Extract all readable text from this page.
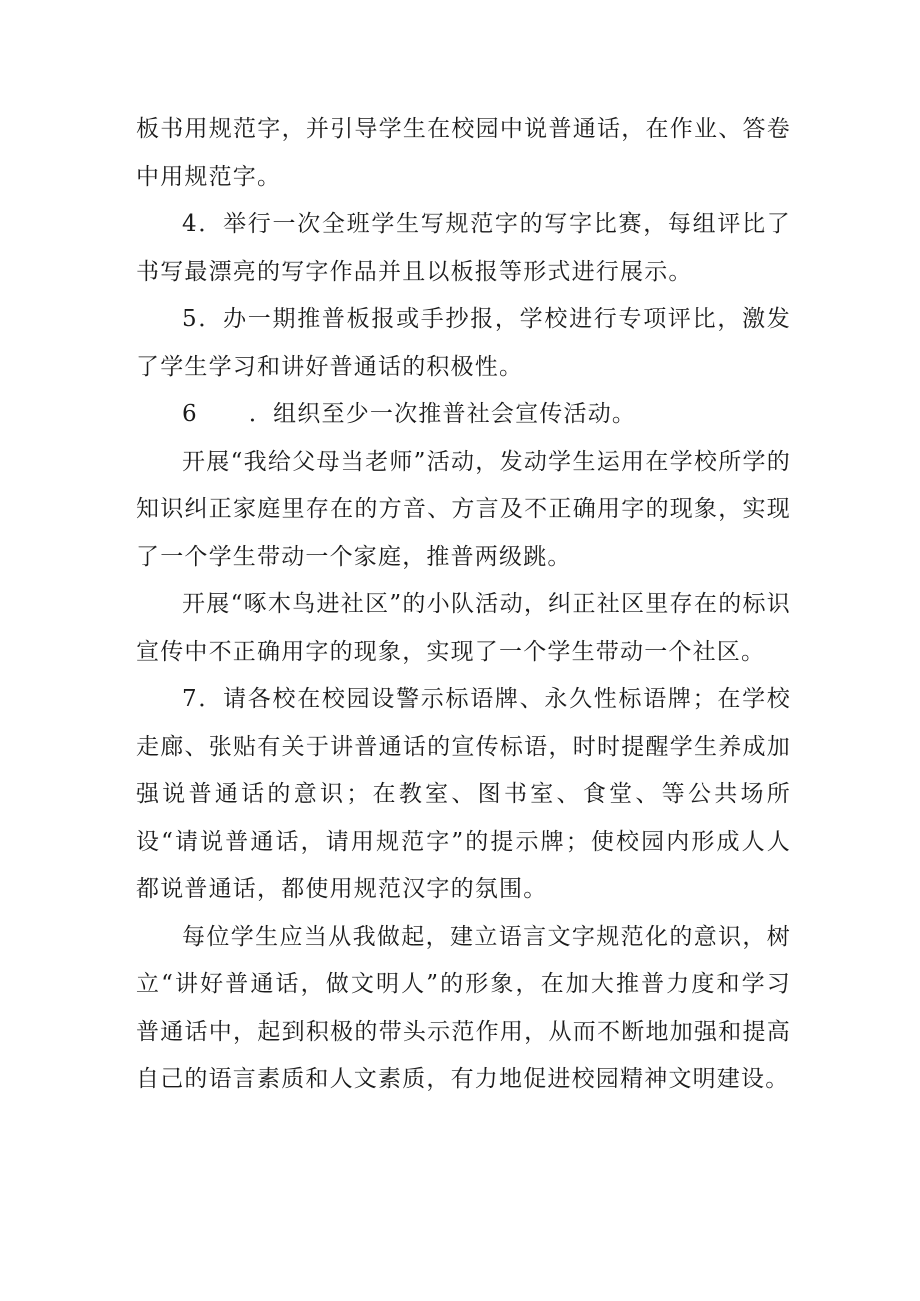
板书用规范字，并引导学生在校园中说普通话，在作业、答卷中用规范字。

4．举行一次全班学生写规范字的写字比赛，每组评比了书写最漂亮的写字作品并且以板报等形式进行展示。

5．办一期推普板报或手抄报，学校进行专项评比，激发了学生学习和讲好普通话的积极性。

6      ．组织至少一次推普社会宣传活动。

开展“我给父母当老师”活动，发动学生运用在学校所学的知识纠正家庭里存在的方音、方言及不正确用字的现象，实现了一个学生带动一个家庭，推普两级跳。

开展“啄木鸟进社区”的小队活动，纠正社区里存在的标识宣传中不正确用字的现象，实现了一个学生带动一个社区。

7．请各校在校园设警示标语牌、永久性标语牌；在学校走廊、张贴有关于讲普通话的宣传标语，时时提醒学生养成加强说普通话的意识；在教室、图书室、食堂、等公共场所设“请说普通话，请用规范字”的提示牌；使校园内形成人人都说普通话，都使用规范汉字的氛围。

每位学生应当从我做起，建立语言文字规范化的意识，树立“讲好普通话，做文明人”的形象，在加大推普力度和学习普通话中，起到积极的带头示范作用，从而不断地加强和提高自己的语言素质和人文素质，有力地促进校园精神文明建设。
